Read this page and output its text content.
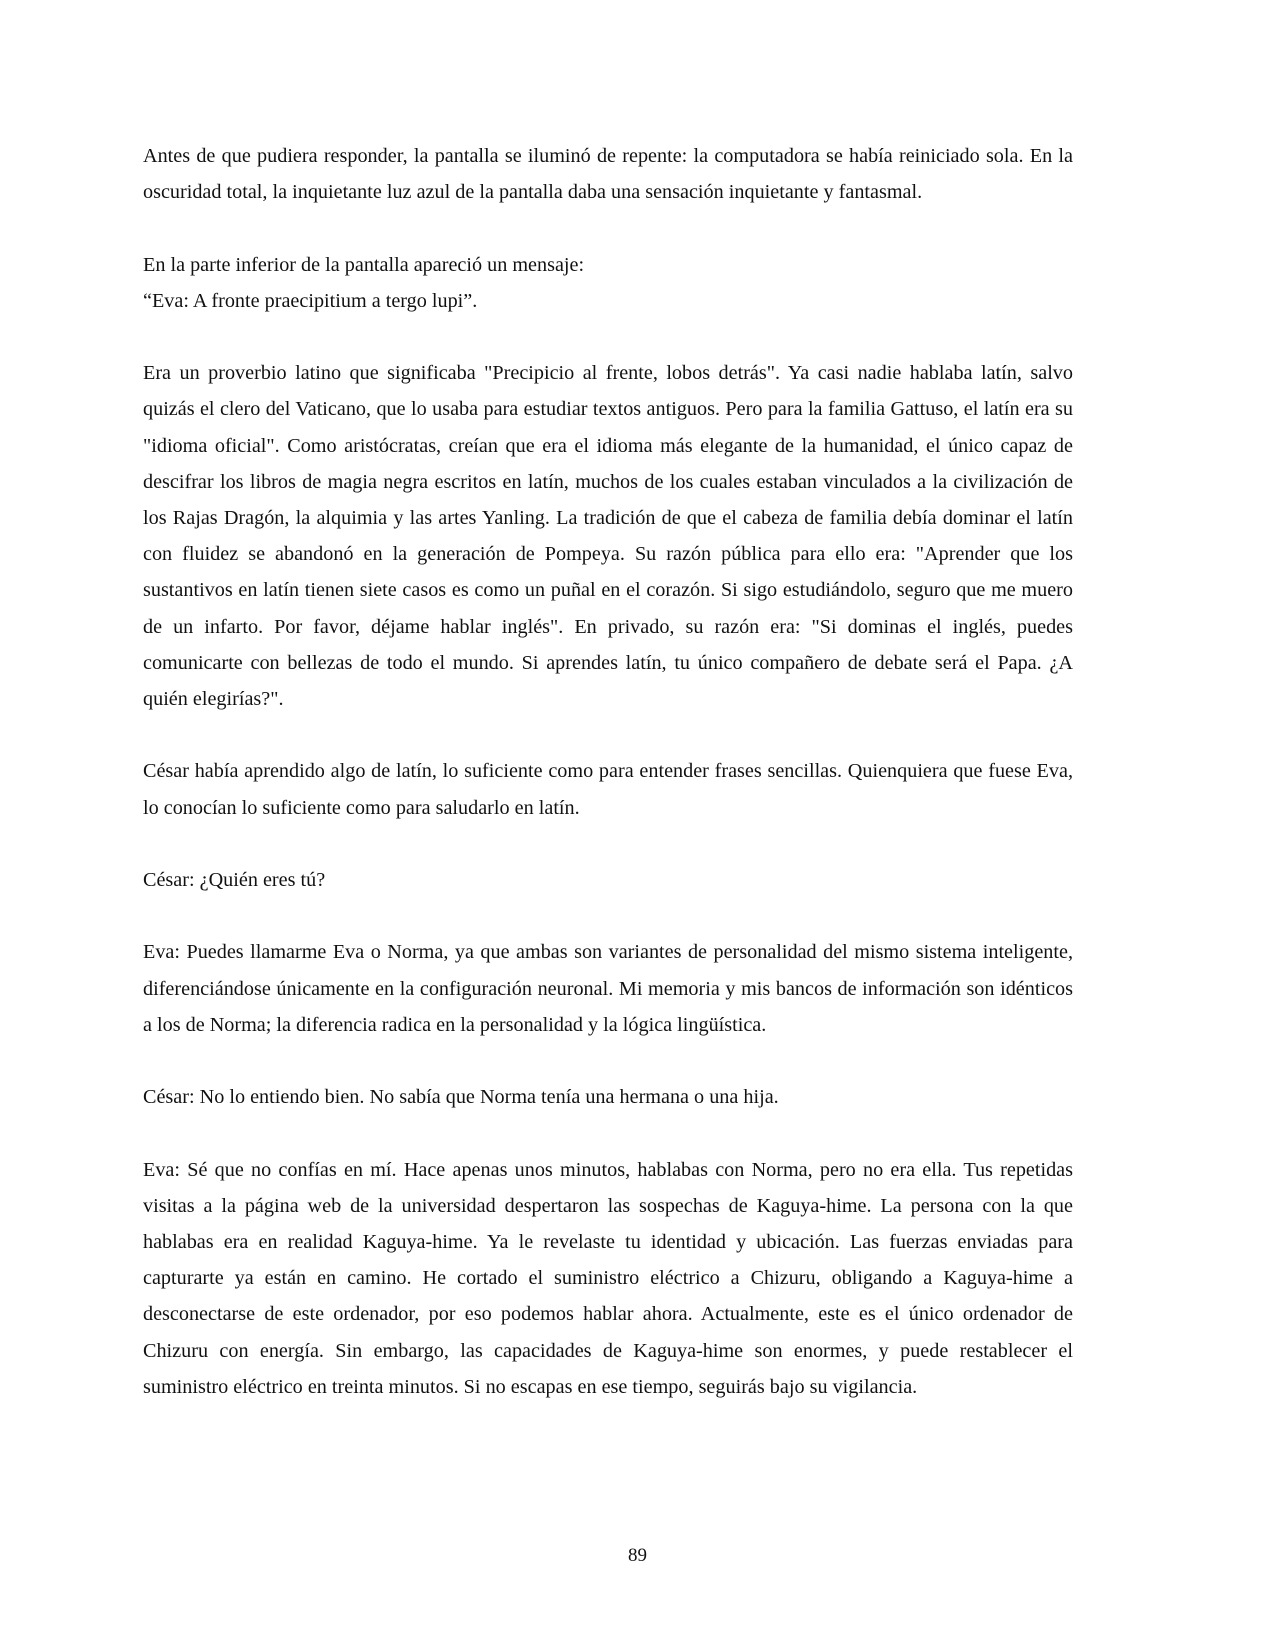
Antes de que pudiera responder, la pantalla se iluminó de repente: la computadora se había reiniciado sola. En la oscuridad total, la inquietante luz azul de la pantalla daba una sensación inquietante y fantasmal.

En la parte inferior de la pantalla apareció un mensaje:

“Eva: A fronte praecipitium a tergo lupi”.

Era un proverbio latino que significaba "Precipicio al frente, lobos detrás". Ya casi nadie hablaba latín, salvo quizás el clero del Vaticano, que lo usaba para estudiar textos antiguos. Pero para la familia Gattuso, el latín era su "idioma oficial". Como aristócratas, creían que era el idioma más elegante de la humanidad, el único capaz de descifrar los libros de magia negra escritos en latín, muchos de los cuales estaban vinculados a la civilización de los Rajas Dragón, la alquimia y las artes Yanling. La tradición de que el cabeza de familia debía dominar el latín con fluidez se abandonó en la generación de Pompeya. Su razón pública para ello era: "Aprender que los sustantivos en latín tienen siete casos es como un puñal en el corazón. Si sigo estudiándolo, seguro que me muero de un infarto. Por favor, déjame hablar inglés". En privado, su razón era: "Si dominas el inglés, puedes comunicarte con bellezas de todo el mundo. Si aprendes latín, tu único compañero de debate será el Papa. ¿A quién elegirías?".

César había aprendido algo de latín, lo suficiente como para entender frases sencillas. Quienquiera que fuese Eva, lo conocían lo suficiente como para saludarlo en latín.

César: ¿Quién eres tú?

Eva: Puedes llamarme Eva o Norma, ya que ambas son variantes de personalidad del mismo sistema inteligente, diferenciándose únicamente en la configuración neuronal. Mi memoria y mis bancos de información son idénticos a los de Norma; la diferencia radica en la personalidad y la lógica lingüística.

César: No lo entiendo bien. No sabía que Norma tenía una hermana o una hija.

Eva: Sé que no confías en mí. Hace apenas unos minutos, hablabas con Norma, pero no era ella. Tus repetidas visitas a la página web de la universidad despertaron las sospechas de Kaguya-hime. La persona con la que hablabas era en realidad Kaguya-hime. Ya le revelaste tu identidad y ubicación. Las fuerzas enviadas para capturarte ya están en camino. He cortado el suministro eléctrico a Chizuru, obligando a Kaguya-hime a desconectarse de este ordenador, por eso podemos hablar ahora. Actualmente, este es el único ordenador de Chizuru con energía. Sin embargo, las capacidades de Kaguya-hime son enormes, y puede restablecer el suministro eléctrico en treinta minutos. Si no escapas en ese tiempo, seguirás bajo su vigilancia.

89
